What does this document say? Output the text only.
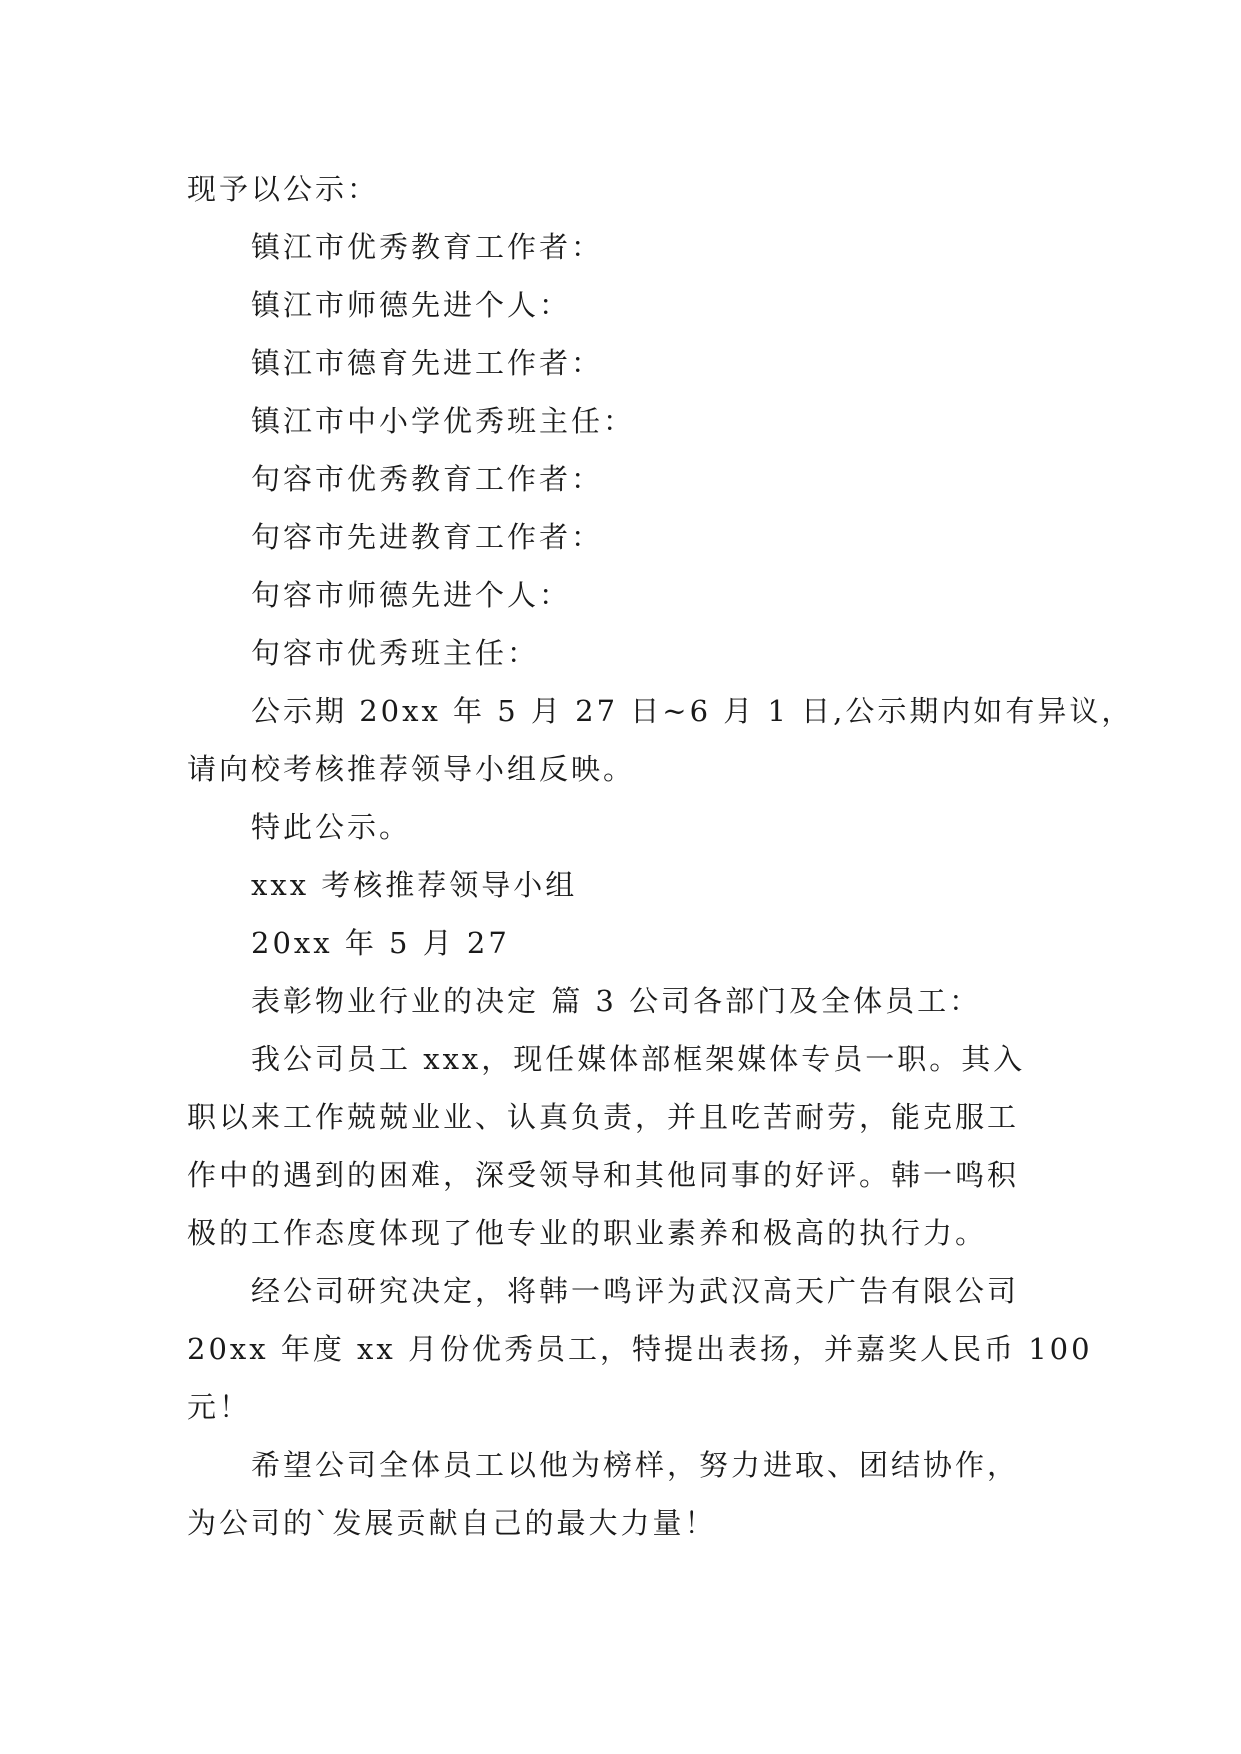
现予以公示：

镇江市优秀教育工作者：

镇江市师德先进个人：

镇江市德育先进工作者：

镇江市中小学优秀班主任：

句容市优秀教育工作者：

句容市先进教育工作者：

句容市师德先进个人：

句容市优秀班主任：

公示期 20xx 年 5 月 27 日~6 月 1 日,公示期内如有异议，

请向校考核推荐领导小组反映。

特此公示。

xxx 考核推荐领导小组

20xx 年 5 月 27

表彰物业行业的决定 篇 3 公司各部门及全体员工：

我公司员工 xxx，现任媒体部框架媒体专员一职。其入

职以来工作兢兢业业、认真负责，并且吃苦耐劳，能克服工

作中的遇到的困难，深受领导和其他同事的好评。韩一鸣积

极的工作态度体现了他专业的职业素养和极高的执行力。

经公司研究决定，将韩一鸣评为武汉高天广告有限公司

20xx 年度 xx 月份优秀员工，特提出表扬，并嘉奖人民币 100

元！

希望公司全体员工以他为榜样，努力进取、团结协作，

为公司的`发展贡献自己的最大力量！
